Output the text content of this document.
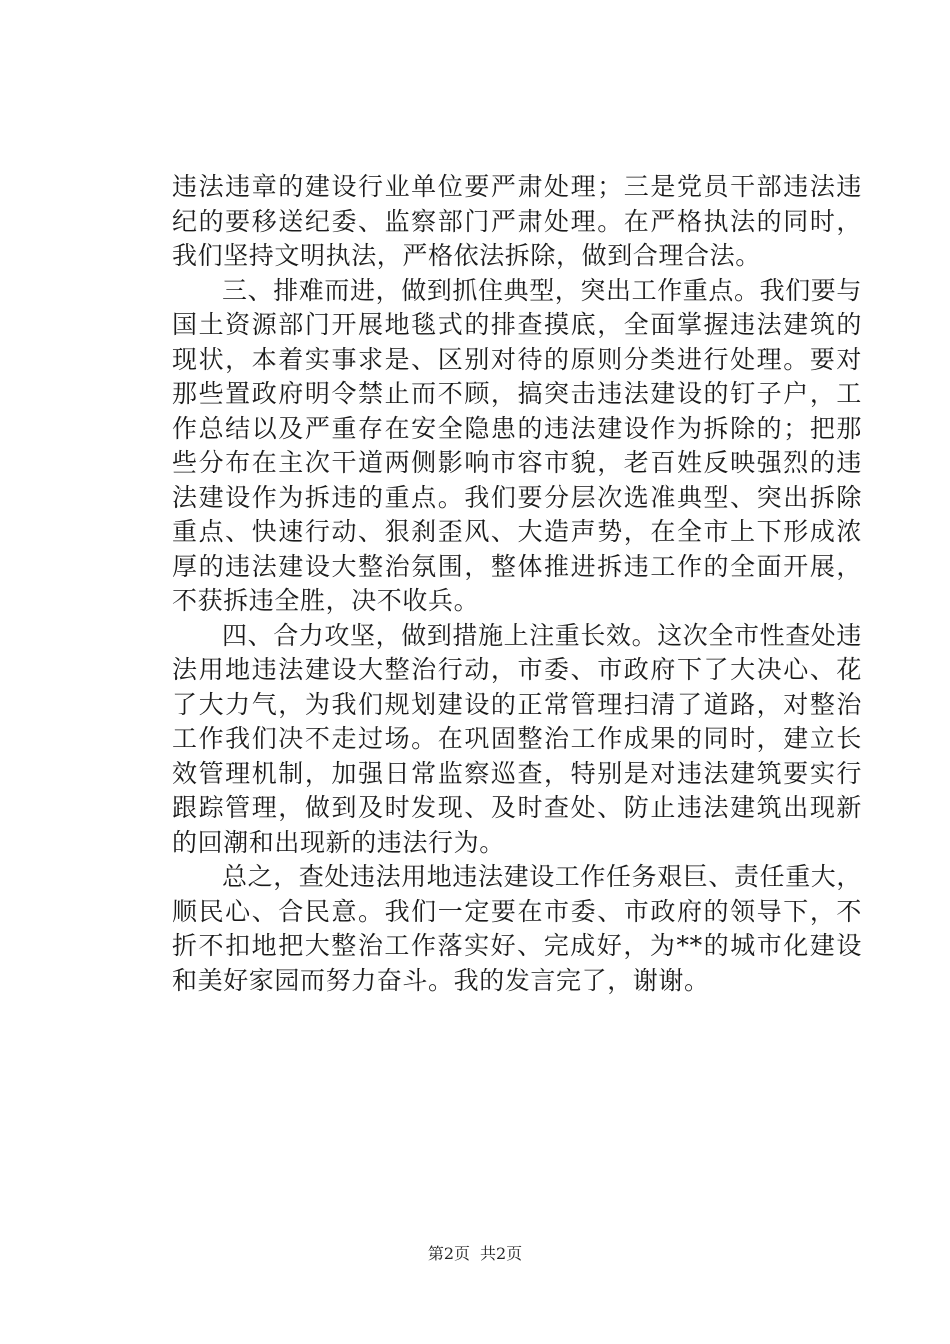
违法违章的建设行业单位要严肃处理；三是党员干部违法违纪的要移送纪委、监察部门严肃处理。在严格执法的同时，我们坚持文明执法，严格依法拆除，做到合理合法。

三、排难而进，做到抓住典型，突出工作重点。我们要与国土资源部门开展地毯式的排查摸底，全面掌握违法建筑的现状，本着实事求是、区别对待的原则分类进行处理。要对那些置政府明令禁止而不顾，搞突击违法建设的钉子户，工作总结以及严重存在安全隐患的违法建设作为拆除的；把那些分布在主次干道两侧影响市容市貌，老百姓反映强烈的违法建设作为拆违的重点。我们要分层次选准典型、突出拆除重点、快速行动、狠刹歪风、大造声势，在全市上下形成浓厚的违法建设大整治氛围，整体推进拆违工作的全面开展，不获拆违全胜，决不收兵。

四、合力攻坚，做到措施上注重长效。这次全市性查处违法用地违法建设大整治行动，市委、市政府下了大决心、花了大力气，为我们规划建设的正常管理扫清了道路，对整治工作我们决不走过场。在巩固整治工作成果的同时，建立长效管理机制，加强日常监察巡查，特别是对违法建筑要实行跟踪管理，做到及时发现、及时查处、防止违法建筑出现新的回潮和出现新的违法行为。

总之，查处违法用地违法建设工作任务艰巨、责任重大，顺民心、合民意。我们一定要在市委、市政府的领导下，不折不扣地把大整治工作落实好、完成好，为**的城市化建设和美好家园而努力奋斗。我的发言完了，谢谢。

第2页 共2页
